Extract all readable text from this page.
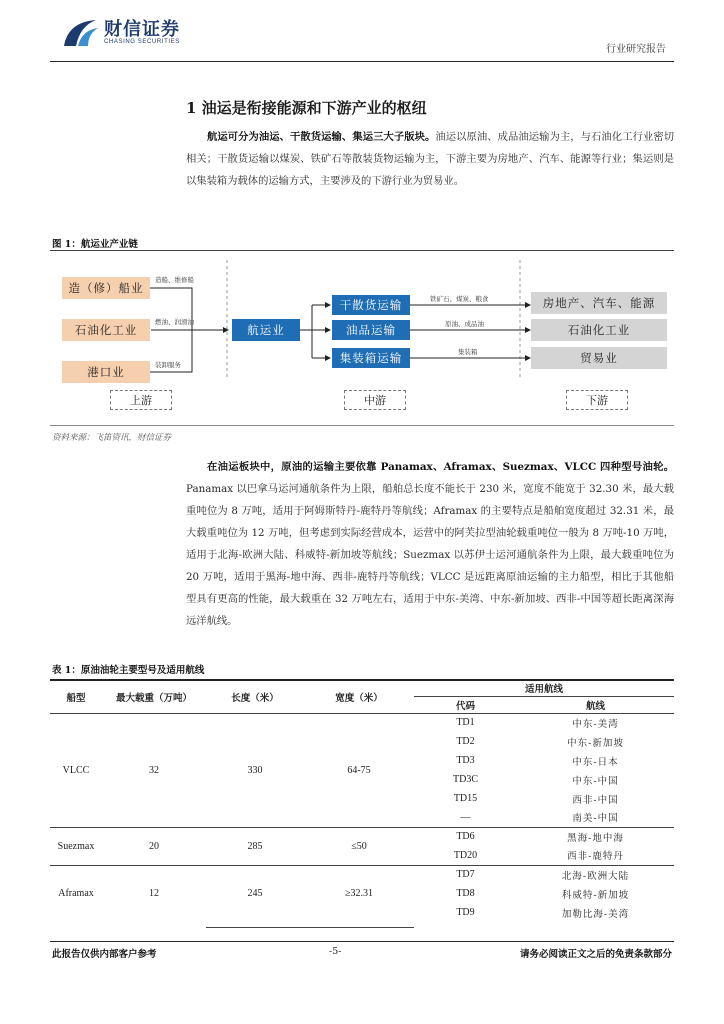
财信证券
CHASING SECURITIES
行业研究报告
1 油运是衔接能源和下游产业的枢纽
航运可分为油运、干散货运输、集运三大子版块。油运以原油、成品油运输为主，与石油化工行业密切相关；干散货运输以煤炭、铁矿石等散装货物运输为主，下游主要为房地产、汽车、能源等行业；集运则是以集装箱为载体的运输方式，主要涉及的下游行业为贸易业。
图 1：航运业产业链
造（修）船业
石油化工业
港口业
造船、维修船
燃油、润滑油
装卸服务
航运业
干散货运输
油品运输
集装箱运输
铁矿石、煤炭、粮食
原油、成品油
集装箱
房地产、汽车、能源
石油化工业
贸易业
上游	中游	下游
资料来源：飞笛资讯，财信证券
在油运板块中，原油的运输主要依靠 Panamax、Aframax、Suezmax、VLCC 四种型号油轮。Panamax 以巴拿马运河通航条件为上限，船舶总长度不能长于 230 米，宽度不能宽于 32.30 米，最大载重吨位为 8 万吨，适用于阿姆斯特丹-鹿特丹等航线；Aframax 的主要特点是船舶宽度超过 32.31 米，最大载重吨位为 12 万吨，但考虑到实际经营成本，运营中的阿芙拉型油轮载重吨位一般为 8 万吨-10 万吨，适用于北海-欧洲大陆、科威特-新加坡等航线；Suezmax 以苏伊士运河通航条件为上限，最大载重吨位为 20 万吨，适用于黑海-地中海、西非-鹿特丹等航线；VLCC 是远距离原油运输的主力船型，相比于其他船型具有更高的性能，最大载重在 32 万吨左右，适用于中东-美湾、中东-新加坡、西非-中国等超长距离深海远洋航线。
表 1：原油油轮主要型号及适用航线
船型	最大载重（万吨）	长度（米）	宽度（米）	适用航线	
				代码	航线
VLCC	32	330	64-75	TD1	中东-美湾
				TD2	中东-新加坡
				TD3	中东-日本
				TD3C	中东-中国
				TD15	西非-中国
				—	南美-中国
Suezmax	20	285	≤50	TD6	黑海-地中海
				TD20	西非-鹿特丹
Aframax	12	245	≥32.31	TD7	北海-欧洲大陆
				TD8	科威特-新加坡
				TD9	加勒比海-美湾
此报告仅供内部客户参考	-5-	请务必阅读正文之后的免责条款部分
